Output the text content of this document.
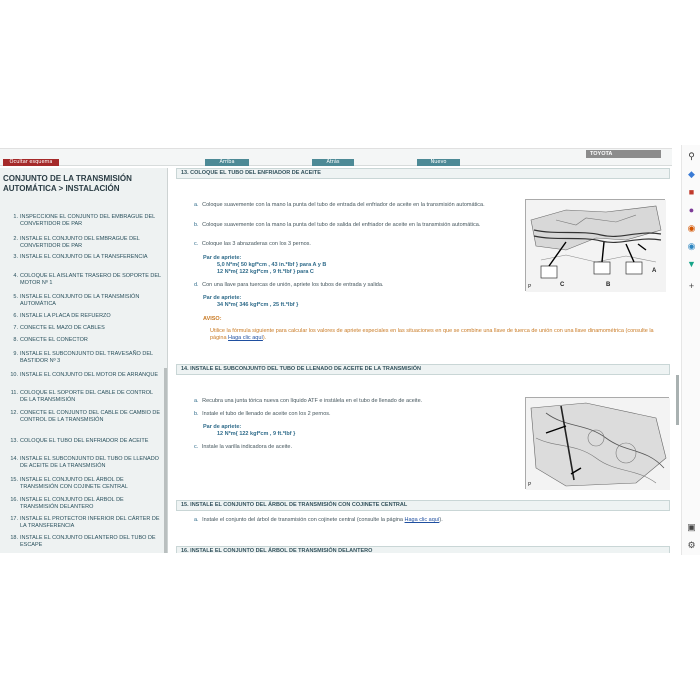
TOYOTA
Ocultar esquema	Arriba	Atrás	Nuevo
CONJUNTO DE LA TRANSMISIÓN AUTOMÁTICA > INSTALACIÓN
1. INSPECCIONE EL CONJUNTO DEL EMBRAGUE DEL CONVERTIDOR DE PAR
2. INSTALE EL CONJUNTO DEL EMBRAGUE DEL CONVERTIDOR DE PAR
3. INSTALE EL CONJUNTO DE LA TRANSFERENCIA
4. COLOQUE EL AISLANTE TRASERO DE SOPORTE DEL MOTOR Nº 1
5. INSTALE EL CONJUNTO DE LA TRANSMISIÓN AUTOMÁTICA
6. INSTALE LA PLACA DE REFUERZO
7. CONECTE EL MAZO DE CABLES
8. CONECTE EL CONECTOR
9. INSTALE EL SUBCONJUNTO DEL TRAVESAÑO DEL BASTIDOR Nº 3
10. INSTALE EL CONJUNTO DEL MOTOR DE ARRANQUE
11. COLOQUE EL SOPORTE DEL CABLE DE CONTROL DE LA TRANSMISIÓN
12. CONECTE EL CONJUNTO DEL CABLE DE CAMBIO DE CONTROL DE LA TRANSMISIÓN
13. COLOQUE EL TUBO DEL ENFRIADOR DE ACEITE
14. INSTALE EL SUBCONJUNTO DEL TUBO DE LLENADO DE ACEITE DE LA TRANSMISIÓN
15. INSTALE EL CONJUNTO DEL ÁRBOL DE TRANSMISIÓN CON COJINETE CENTRAL
16. INSTALE EL CONJUNTO DEL ÁRBOL DE TRANSMISIÓN DELANTERO
17. INSTALE EL PROTECTOR INFERIOR DEL CÁRTER DE LA TRANSFERENCIA
18. INSTALE EL CONJUNTO DELANTERO DEL TUBO DE ESCAPE
13. COLOQUE EL TUBO DEL ENFRIADOR DE ACEITE
a. Coloque suavemente con la mano la punta del tubo de entrada del enfriador de aceite en la transmisión automática.
b. Coloque suavemente con la mano la punta del tubo de salida del enfriador de aceite en la transmisión automática.
c. Coloque las 3 abrazaderas con los 3 pernos.
Par de apriete:
5,0 N*m{ 50 kgf*cm , 43 in.*lbf } para A y B
12 N*m{ 122 kgf*cm , 9 ft.*lbf } para C
d. Con una llave para tuercas de unión, apriete los tubos de entrada y salida.
Par de apriete:
34 N*m{ 346 kgf*cm , 25 ft.*lbf }
AVISO:
Utilice la fórmula siguiente para calcular los valores de apriete especiales en las situaciones en que se combine una llave de tuerca de unión con una llave dinamométrica (consulte la página Haga clic aquí).
C	B
A
P
14. INSTALE EL SUBCONJUNTO DEL TUBO DE LLENADO DE ACEITE DE LA TRANSMISIÓN
a. Recubra una junta tórica nueva con líquido ATF e instálela en el tubo de llenado de aceite.
b. Instale el tubo de llenado de aceite con los 2 pernos.
Par de apriete:
12 N*m{ 122 kgf*cm , 9 ft.*lbf }
c. Instale la varilla indicadora de aceite.
P
15. INSTALE EL CONJUNTO DEL ÁRBOL DE TRANSMISIÓN CON COJINETE CENTRAL
a. Instale el conjunto del árbol de transmisión con cojinete central (consulte la página Haga clic aquí).
16. INSTALE EL CONJUNTO DEL ÁRBOL DE TRANSMISIÓN DELANTERO
⚲
◆
■
●
◉
◉
▼
+
▣
⚙
